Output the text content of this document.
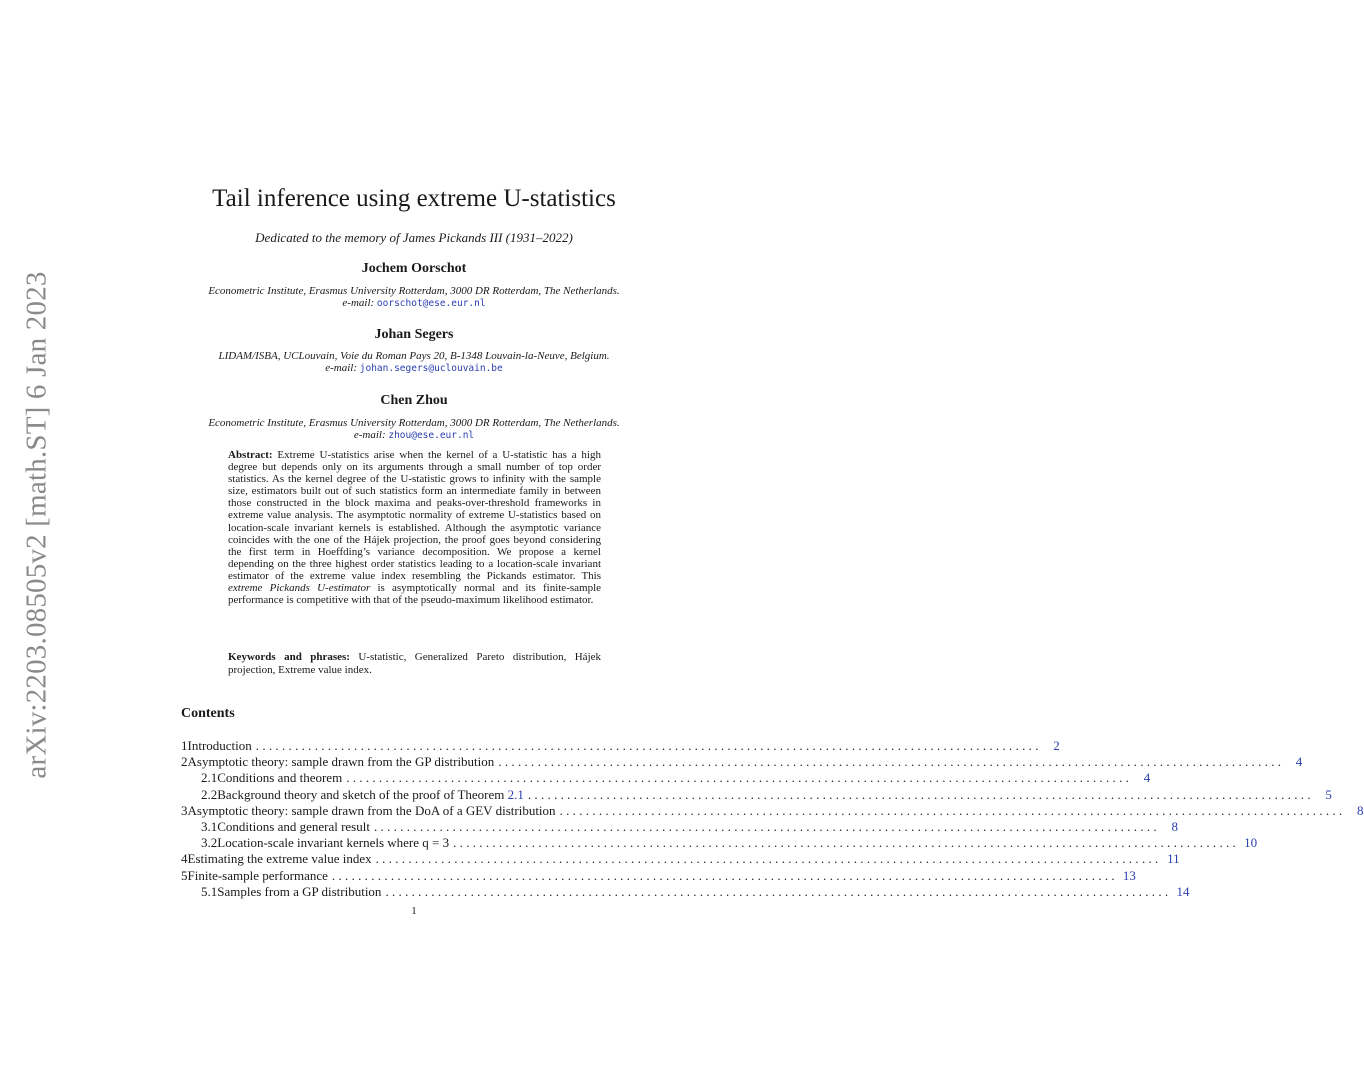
arXiv:2203.08505v2 [math.ST] 6 Jan 2023
Tail inference using extreme U-statistics
Dedicated to the memory of James Pickands III (1931–2022)
Jochem Oorschot
Econometric Institute, Erasmus University Rotterdam, 3000 DR Rotterdam, The Netherlands.
e-mail: oorschot@ese.eur.nl
Johan Segers
LIDAM/ISBA, UCLouvain, Voie du Roman Pays 20, B-1348 Louvain-la-Neuve, Belgium.
e-mail: johan.segers@uclouvain.be
Chen Zhou
Econometric Institute, Erasmus University Rotterdam, 3000 DR Rotterdam, The Netherlands.
e-mail: zhou@ese.eur.nl
Abstract: Extreme U-statistics arise when the kernel of a U-statistic has a high degree but depends only on its arguments through a small number of top order statistics. As the kernel degree of the U-statistic grows to infinity with the sample size, estimators built out of such statistics form an intermediate family in between those constructed in the block maxima and peaks-over-threshold frameworks in extreme value analysis. The asymptotic normality of extreme U-statistics based on location-scale invariant kernels is established. Although the asymptotic variance coincides with the one of the Hájek projection, the proof goes beyond considering the first term in Hoeffding’s variance decomposition. We propose a kernel depending on the three highest order statistics leading to a location-scale invariant estimator of the extreme value index resembling the Pickands estimator. This extreme Pickands U-estimator is asymptotically normal and its finite-sample performance is competitive with that of the pseudo-maximum likelihood estimator.
Keywords and phrases: U-statistic, Generalized Pareto distribution, Hájek projection, Extreme value index.
Contents
1 Introduction ........................................................................................................................ 2
2 Asymptotic theory: sample drawn from the GP distribution ........................................................................................................................ 4
2.1 Conditions and theorem ........................................................................................................................ 4
2.2 Background theory and sketch of the proof of Theorem 2.1 ........................................................................................................................ 5
3 Asymptotic theory: sample drawn from the DoA of a GEV distribution ........................................................................................................................ 8
3.1 Conditions and general result ........................................................................................................................ 8
3.2 Location-scale invariant kernels where q = 3 ........................................................................................................................ 10
4 Estimating the extreme value index ........................................................................................................................ 11
5 Finite-sample performance ........................................................................................................................ 13
5.1 Samples from a GP distribution ........................................................................................................................ 14
1
